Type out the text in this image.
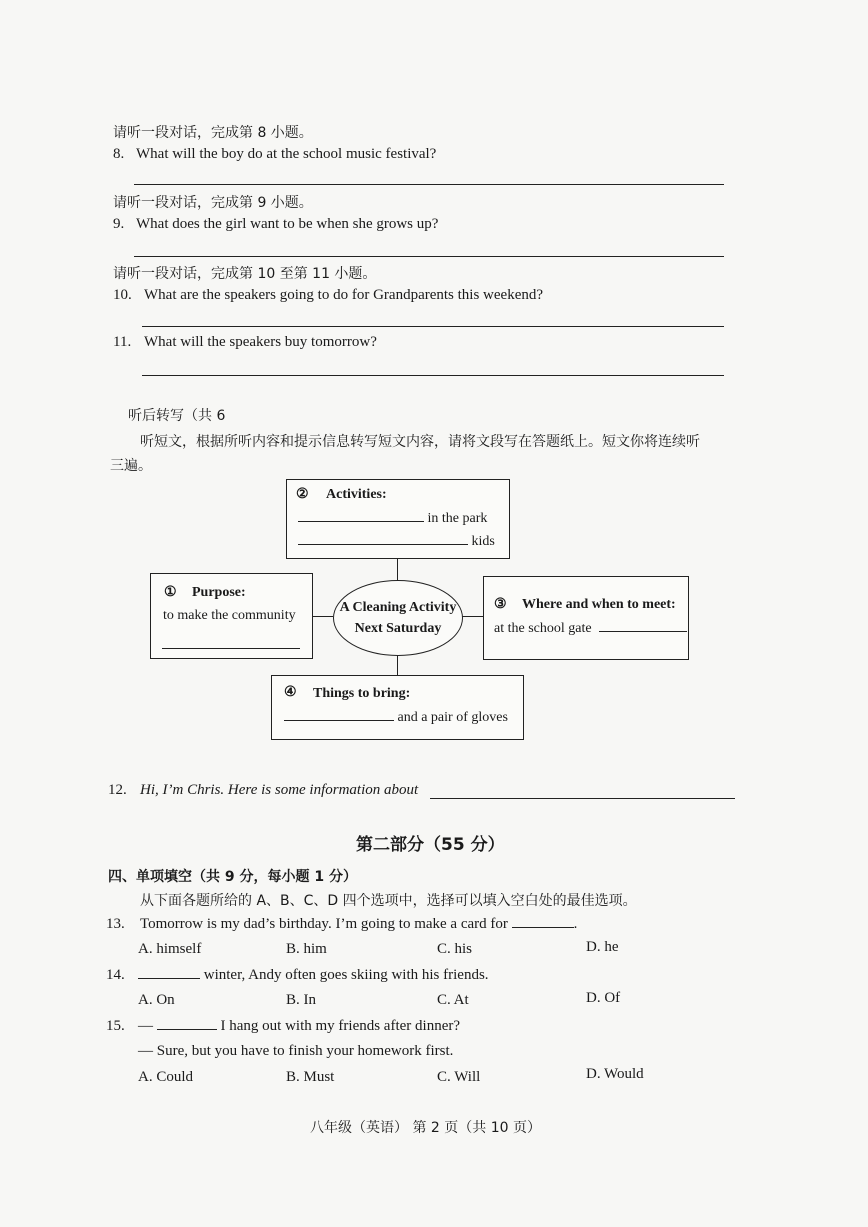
请听一段对话，完成第 8 小题。
8. What will the boy do at the school music festival?
请听一段对话，完成第 9 小题。
9. What does the girl want to be when she grows up?
请听一段对话，完成第 10 至第 11 小题。
10. What are the speakers going to do for Grandparents this weekend?
11. What will the speakers buy tomorrow?
听后转写（共 6
听短文，根据所听内容和提示信息转写短文内容，请将文段写在答题纸上。短文你将连续听
三遍。
② Activities:
in the park
kids
① Purpose:
to make the community
A Cleaning Activity
Next Saturday
③ Where and when to meet:
at the school gate
④ Things to bring:
and a pair of gloves
12. Hi, I’m Chris. Here is some information about
第二部分（55 分）
四、单项填空（共 9 分，每小题 1 分）
从下面各题所给的 A、B、C、D 四个选项中，选择可以填入空白处的最佳选项。
13. Tomorrow is my dad’s birthday. I’m going to make a card for	.
A. himself	B. him	C. his	D. he
14.	winter, Andy often goes skiing with his friends.
A. On	B. In	C. At	D. Of
15. —	I hang out with my friends after dinner?
— Sure, but you have to finish your homework first.
A. Could	B. Must	C. Will	D. Would
八年级（英语） 第 2 页（共 10 页）
